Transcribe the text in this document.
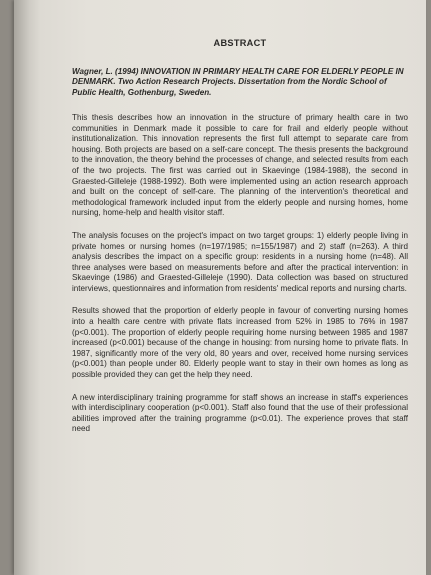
ABSTRACT
Wagner, L. (1994) INNOVATION IN PRIMARY HEALTH CARE FOR ELDERLY PEOPLE IN DENMARK. Two Action Research Projects. Dissertation from the Nordic School of Public Health, Gothenburg, Sweden.

This thesis describes how an innovation in the structure of primary health care in two communities in Denmark made it possible to care for frail and elderly people without institutionalization. This innovation represents the first full attempt to separate care from housing. Both projects are based on a self-care concept. The thesis presents the background to the innovation, the theory behind the processes of change, and selected results from each of the two projects. The first was carried out in Skaevinge (1984-1988), the second in Graested-Gilleleje (1988-1992). Both were implemented using an action research approach and built on the concept of self-care. The planning of the intervention's theoretical and methodological framework included input from the elderly people and nursing homes, home nursing, home-help and health visitor staff.

The analysis focuses on the project's impact on two target groups: 1) elderly people living in private homes or nursing homes (n=197/1985; n=155/1987) and 2) staff (n=263). A third analysis describes the impact on a specific group: residents in a nursing home (n=48). All three analyses were based on measurements before and after the practical intervention: in Skaevinge (1986) and Graested-Gilleleje (1990). Data collection was based on structured interviews, questionnaires and information from residents' medical reports and nursing charts.

Results showed that the proportion of elderly people in favour of converting nursing homes into a health care centre with private flats increased from 52% in 1985 to 76% in 1987 (p<0.001). The proportion of elderly people requiring home nursing between 1985 and 1987 increased (p<0.001) because of the change in housing: from nursing home to private flats. In 1987, significantly more of the very old, 80 years and over, received home nursing services (p<0.001) than people under 80. Elderly people want to stay in their own homes as long as possible provided they can get the help they need.

A new interdisciplinary training programme for staff shows an increase in staff's experiences with interdisciplinary cooperation (p<0.001). Staff also found that the use of their professional abilities improved after the training programme (p<0.01). The experience proves that staff need
